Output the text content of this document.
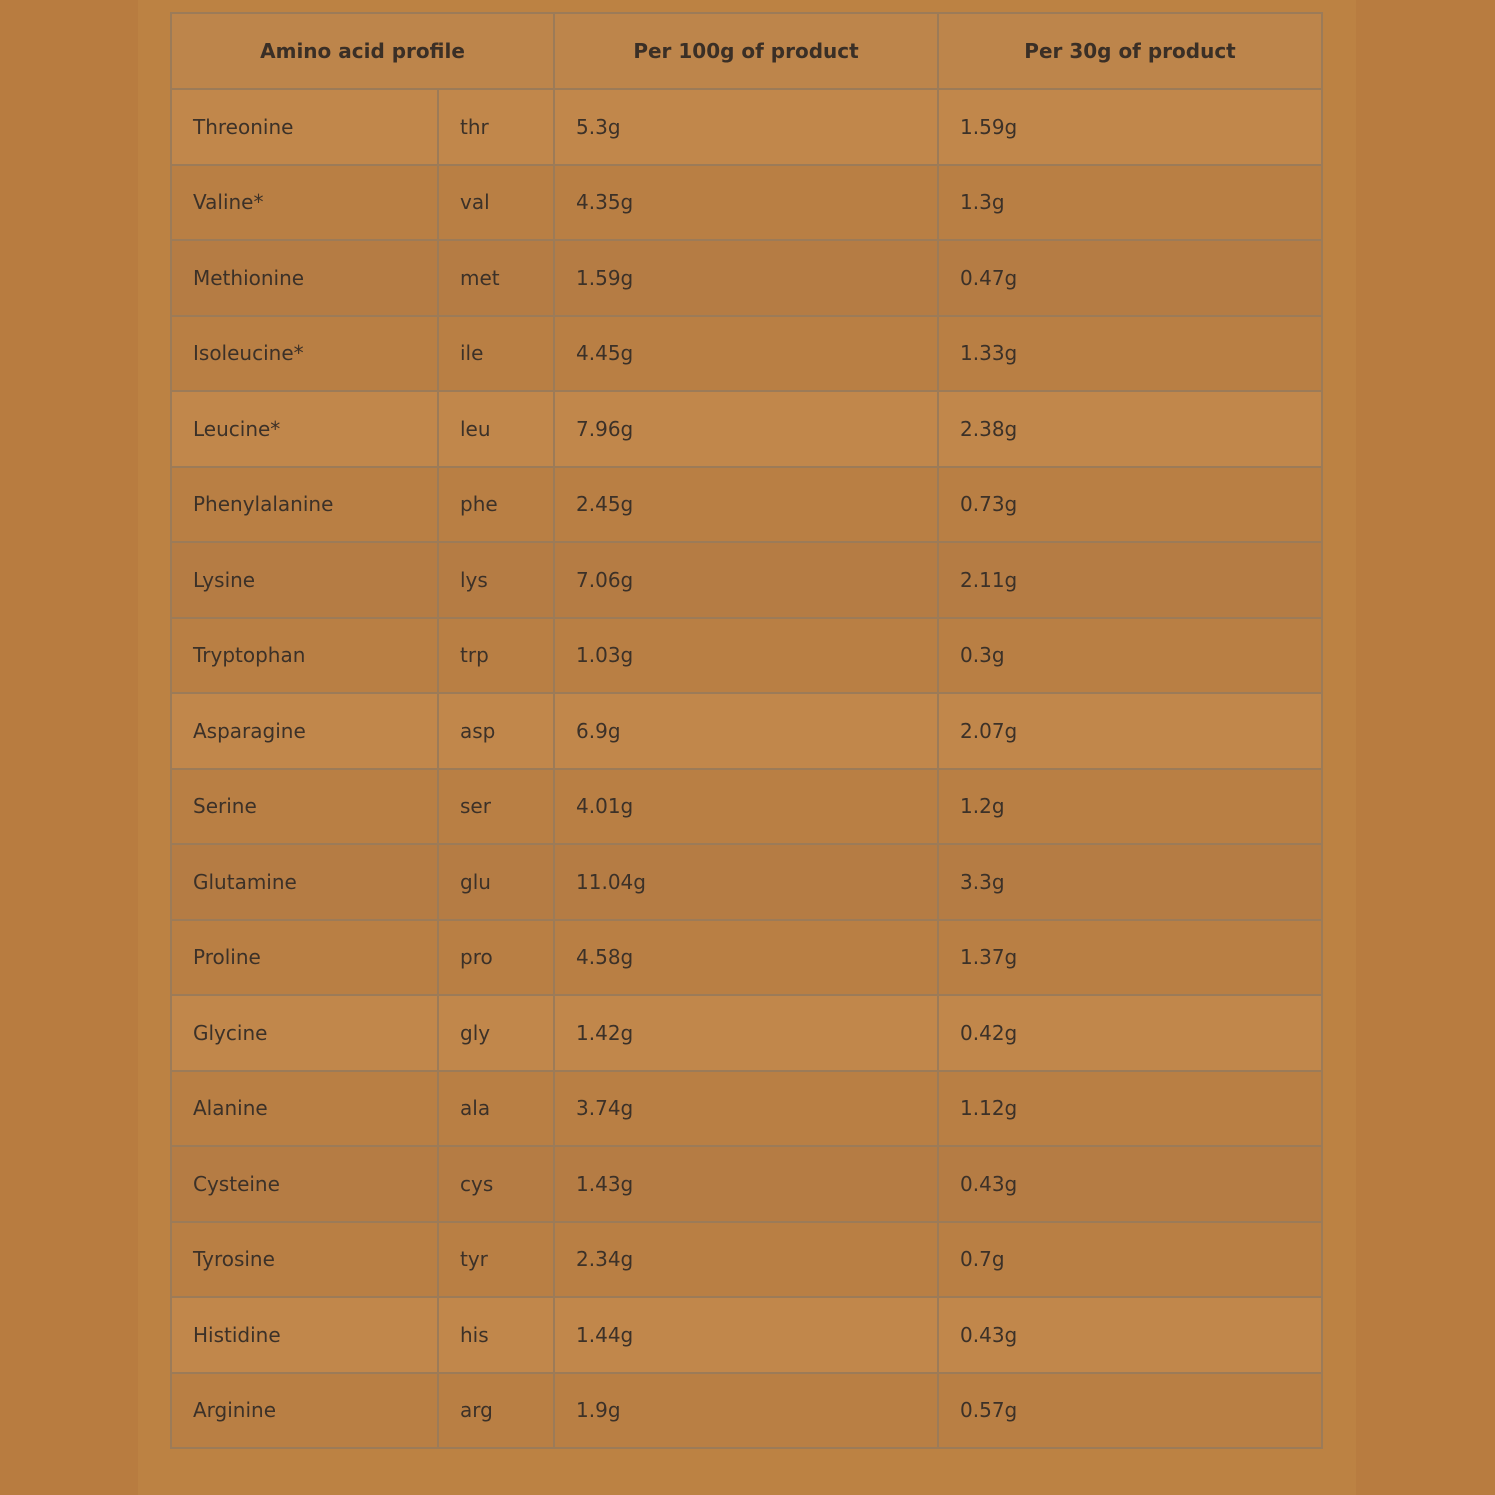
Amino acid profile		Per 100g of product	Per 30g of product
Threonine	thr	5.3g	1.59g
Valine*	val	4.35g	1.3g
Methionine	met	1.59g	0.47g
Isoleucine*	ile	4.45g	1.33g
Leucine*	leu	7.96g	2.38g
Phenylalanine	phe	2.45g	0.73g
Lysine	lys	7.06g	2.11g
Tryptophan	trp	1.03g	0.3g
Asparagine	asp	6.9g	2.07g
Serine	ser	4.01g	1.2g
Glutamine	glu	11.04g	3.3g
Proline	pro	4.58g	1.37g
Glycine	gly	1.42g	0.42g
Alanine	ala	3.74g	1.12g
Cysteine	cys	1.43g	0.43g
Tyrosine	tyr	2.34g	0.7g
Histidine	his	1.44g	0.43g
Arginine	arg	1.9g	0.57g
